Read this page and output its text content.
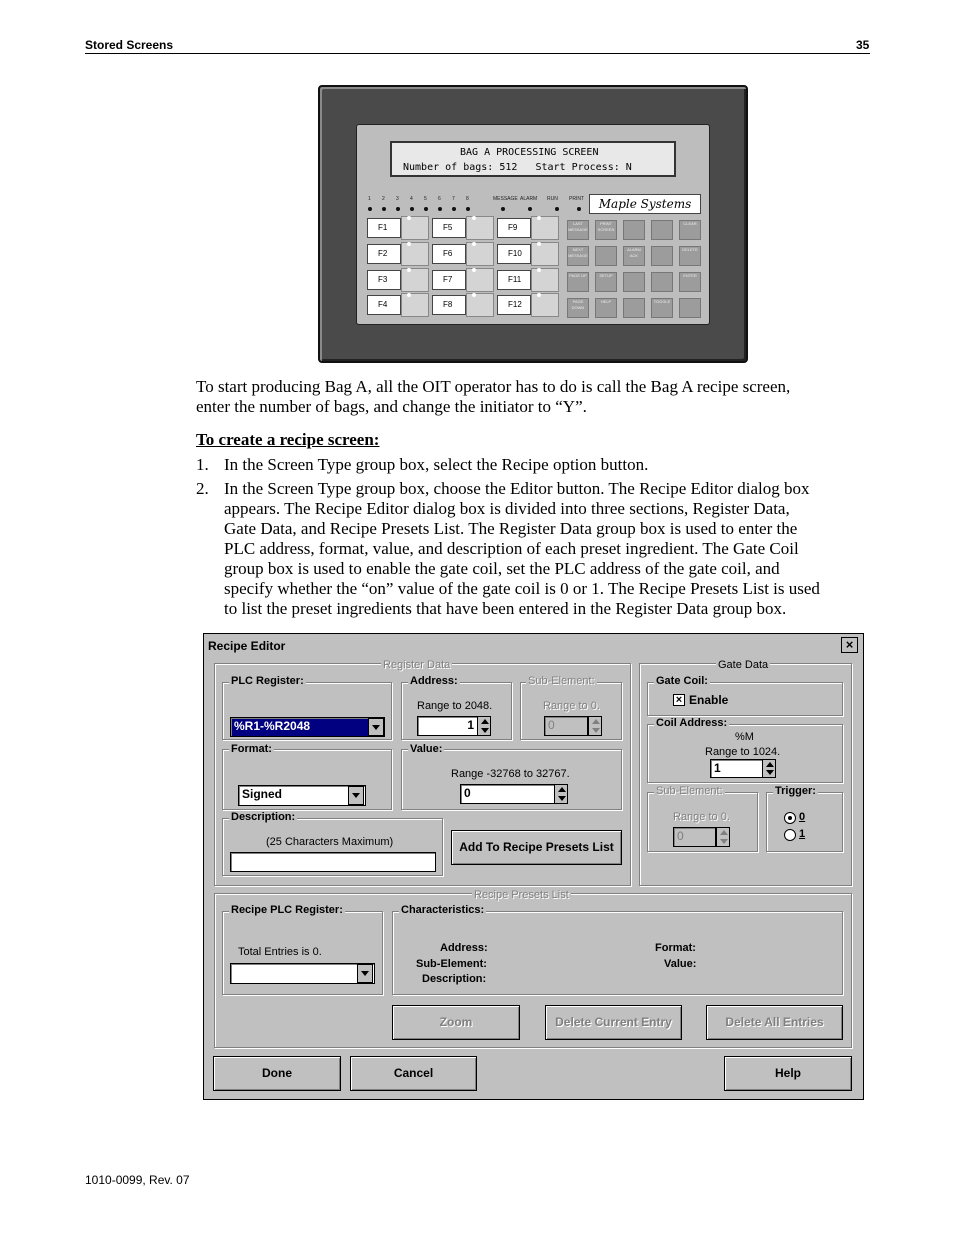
Stored Screens	35
BAG A PROCESSING SCREEN
Number of bags: 512   Start Process: N
1 2 3 4 5 6 7 8	MESSAGE ALARM RUN PRINT	Maple Systems
F1
F2
F3
F4
F5
F6
F7
F8
F9
F10
F11
F12
LAST MESSAGE
PRINT SCREEN
CLEAR
NEXT MESSAGE
ALARM ACK
DELETE
PAGE UP	SETUP	ENTER
PAGE DOWN
HELP	TOGGLE
To start producing Bag A, all the OIT operator has to do is call the Bag A recipe screen,
enter the number of bags, and change the initiator to “Y”.
To create a recipe screen:
1. In the Screen Type group box, select the Recipe option button.
2. In the Screen Type group box, choose the Editor button. The Recipe Editor dialog box
appears. The Recipe Editor dialog box is divided into three sections, Register Data,
Gate Data, and Recipe Presets List. The Register Data group box is used to enter the
PLC address, format, value, and description of each preset ingredient. The Gate Coil
group box is used to enable the gate coil, set the PLC address of the gate coil, and
specify whether the “on” value of the gate coil is 0 or 1. The Recipe Presets List is used
to list the preset ingredients that have been entered in the Register Data group box.
Recipe Editor	×
Register Data
PLC Register:
%R1-%R2048
Address:
Range to 2048.
1
Sub-Element:
Range to 0.
0
Format:
Signed
Value:
Range -32768 to 32767.
0
Description:
(25 Characters Maximum)	Add To Recipe Presets List
Gate Data
Gate Coil:
× Enable
Coil Address:
%M
Range to 1024.
1
Sub-Element:
Range to 0.
0
Trigger:
0
1
Recipe Presets List
Recipe PLC Register:
Total Entries is 0.
Characteristics:
Address:
Sub-Element:
Description:
Format:
Value:
Zoom	Delete Current Entry	Delete All Entries
Done	Cancel	Help
1010-0099, Rev. 07
